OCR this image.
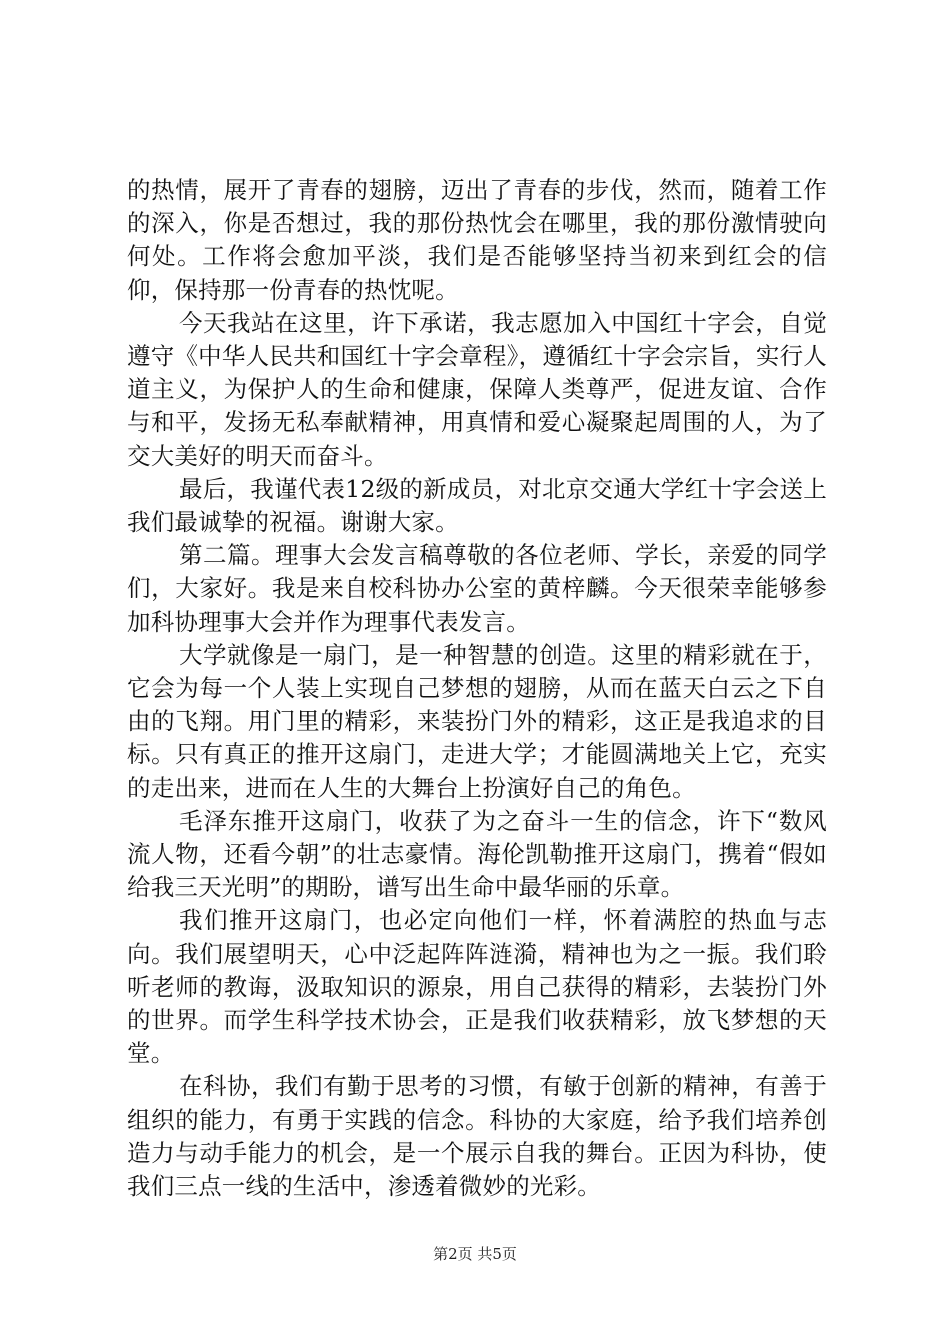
的热情，展开了青春的翅膀，迈出了青春的步伐，然而，随着工作的深入，你是否想过，我的那份热忱会在哪里，我的那份激情驶向何处。工作将会愈加平淡，我们是否能够坚持当初来到红会的信仰，保持那一份青春的热忱呢。

今天我站在这里，许下承诺，我志愿加入中国红十字会，自觉遵守《中华人民共和国红十字会章程》，遵循红十字会宗旨，实行人道主义，为保护人的生命和健康，保障人类尊严，促进友谊、合作与和平，发扬无私奉献精神，用真情和爱心凝聚起周围的人，为了交大美好的明天而奋斗。

最后，我谨代表12级的新成员，对北京交通大学红十字会送上我们最诚挚的祝福。谢谢大家。

第二篇。理事大会发言稿尊敬的各位老师、学长，亲爱的同学们，大家好。我是来自校科协办公室的黄梓麟。今天很荣幸能够参加科协理事大会并作为理事代表发言。

大学就像是一扇门，是一种智慧的创造。这里的精彩就在于，它会为每一个人装上实现自己梦想的翅膀，从而在蓝天白云之下自由的飞翔。用门里的精彩，来装扮门外的精彩，这正是我追求的目标。只有真正的推开这扇门，走进大学；才能圆满地关上它，充实的走出来，进而在人生的大舞台上扮演好自己的角色。

毛泽东推开这扇门，收获了为之奋斗一生的信念，许下“数风流人物，还看今朝”的壮志豪情。海伦凯勒推开这扇门，携着“假如给我三天光明”的期盼，谱写出生命中最华丽的乐章。

我们推开这扇门，也必定向他们一样，怀着满腔的热血与志向。我们展望明天，心中泛起阵阵涟漪，精神也为之一振。我们聆听老师的教诲，汲取知识的源泉，用自己获得的精彩，去装扮门外的世界。而学生科学技术协会，正是我们收获精彩，放飞梦想的天堂。

在科协，我们有勤于思考的习惯，有敏于创新的精神，有善于组织的能力，有勇于实践的信念。科协的大家庭，给予我们培养创造力与动手能力的机会，是一个展示自我的舞台。正因为科协，使我们三点一线的生活中，渗透着微妙的光彩。

第2页 共5页
